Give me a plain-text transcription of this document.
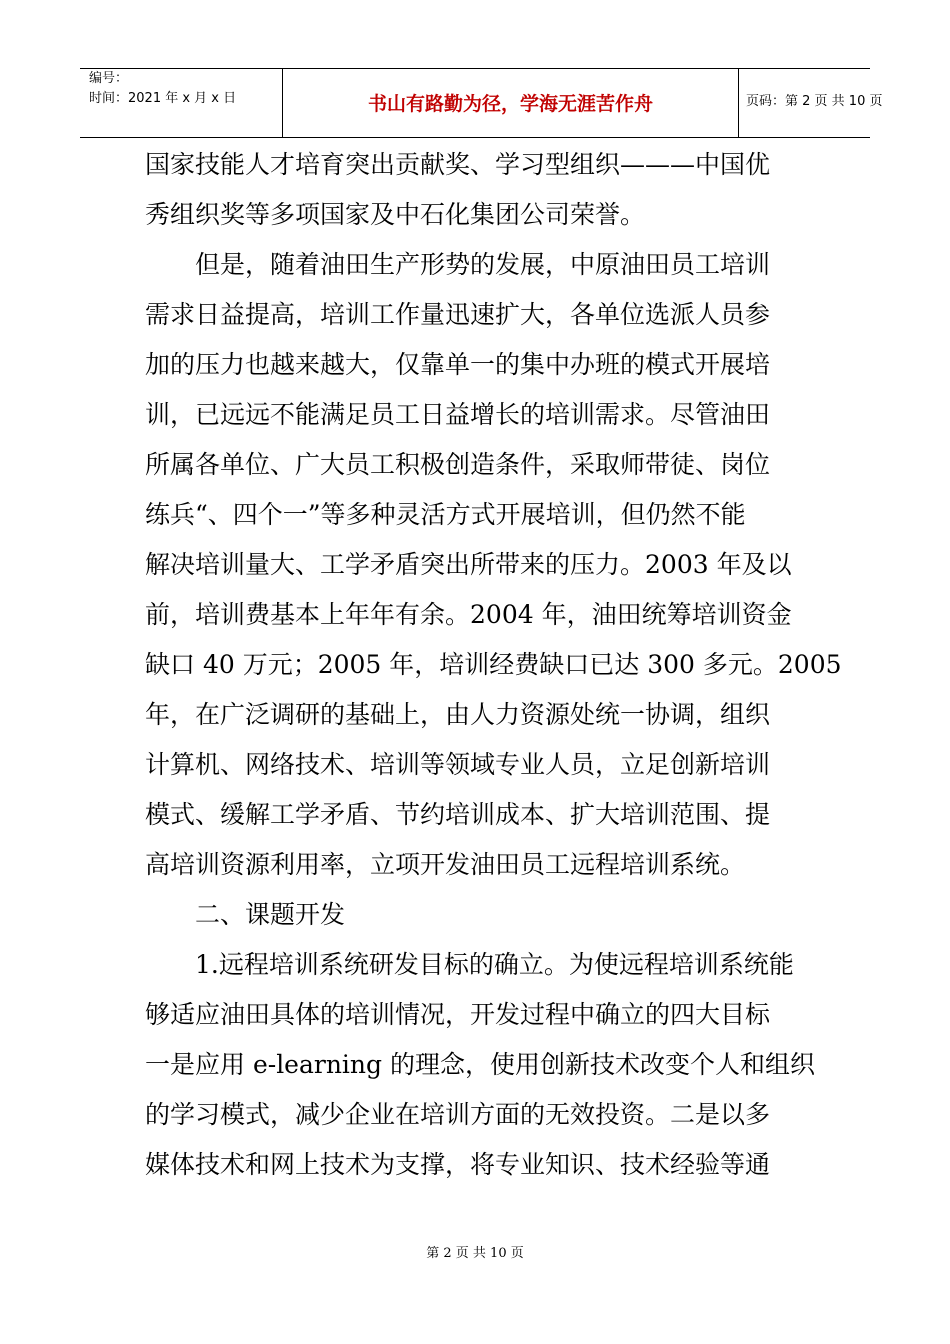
编号：
时间：2021 年 x 月 x 日	书山有路勤为径，学海无涯苦作舟	页码：第 2 页 共 10 页
国家技能人才培育突出贡献奖、学习型组织———中国优
秀组织奖等多项国家及中石化集团公司荣誉。
但是，随着油田生产形势的发展，中原油田员工培训
需求日益提高，培训工作量迅速扩大，各单位选派人员参
加的压力也越来越大，仅靠单一的集中办班的模式开展培
训，已远远不能满足员工日益增长的培训需求。尽管油田
所属各单位、广大员工积极创造条件，采取师带徒、岗位
练兵“、四个一”等多种灵活方式开展培训，但仍然不能
解决培训量大、工学矛盾突出所带来的压力。2003 年及以
前，培训费基本上年年有余。2004 年，油田统筹培训资金
缺口 40 万元；2005 年，培训经费缺口已达 300 多元。2005
年，在广泛调研的基础上，由人力资源处统一协调，组织
计算机、网络技术、培训等领域专业人员，立足创新培训
模式、缓解工学矛盾、节约培训成本、扩大培训范围、提
高培训资源利用率，立项开发油田员工远程培训系统。
二、课题开发
1.远程培训系统研发目标的确立。为使远程培训系统能
够适应油田具体的培训情况，开发过程中确立的四大目标
一是应用 e-learning 的理念，使用创新技术改变个人和组织
的学习模式，减少企业在培训方面的无效投资。二是以多
媒体技术和网上技术为支撑，将专业知识、技术经验等通
第 2 页 共 10 页
